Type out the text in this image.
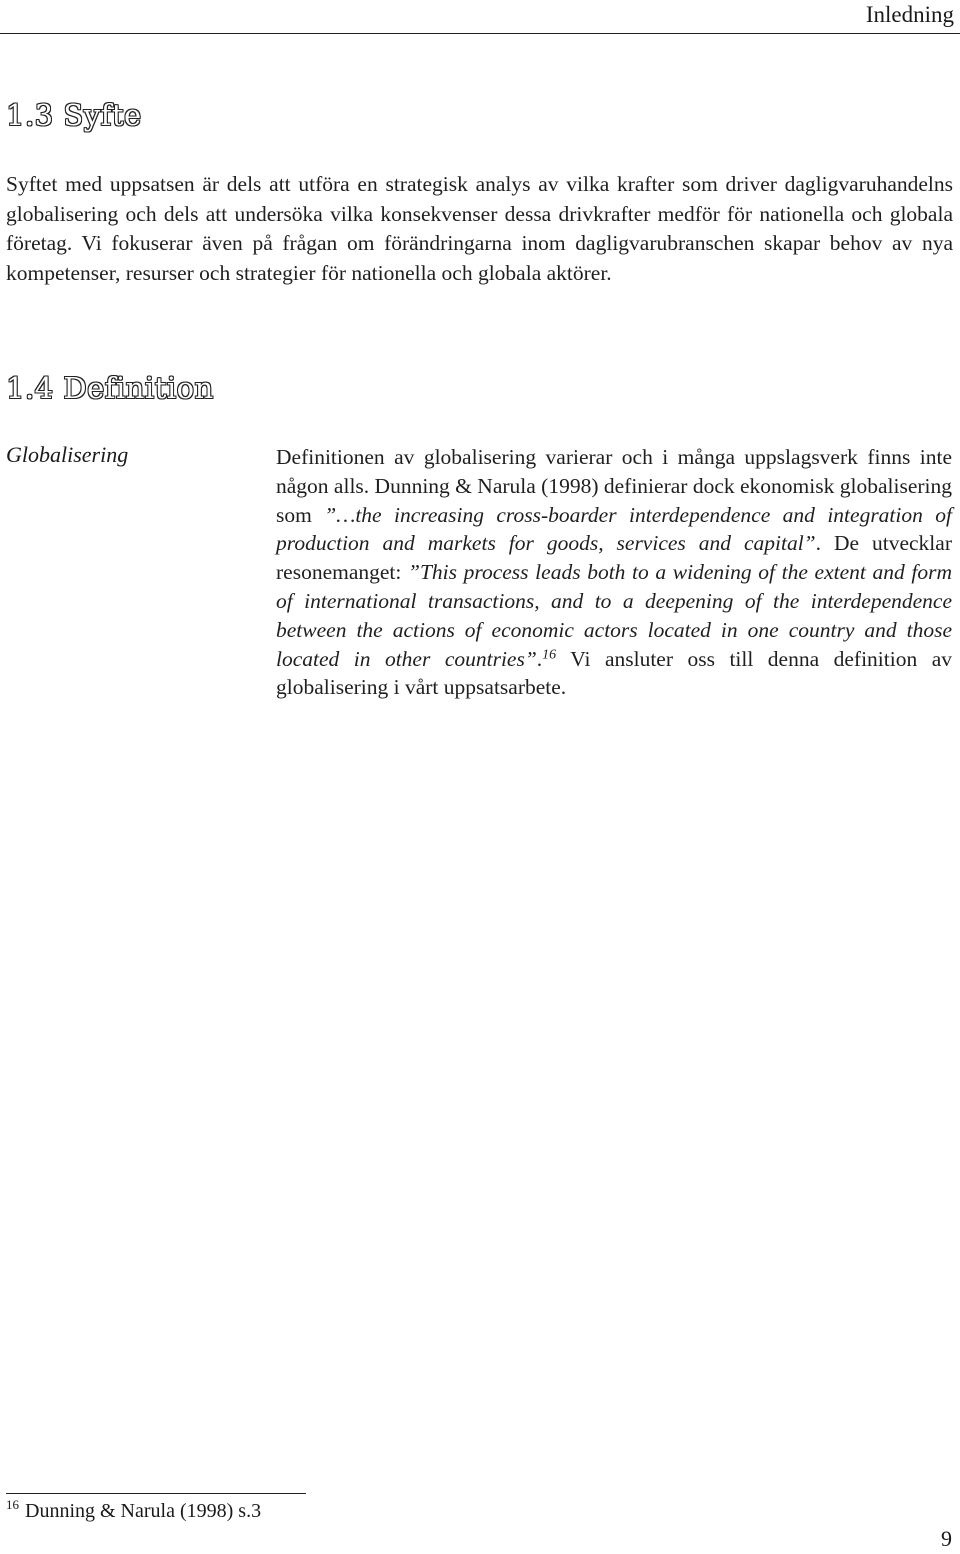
Inledning
1.3 Syfte

Syftet med uppsatsen är dels att utföra en strategisk analys av vilka krafter som driver dagligvaruhandelns globalisering och dels att undersöka vilka konsekvenser dessa drivkrafter medför för nationella och globala företag. Vi fokuserar även på frågan om förändringarna inom dagligvarubranschen skapar behov av nya kompetenser, resurser och strategier för nationella och globala aktörer.

1.4 Definition
Globalisering	Definitionen av globalisering varierar och i många uppslagsverk finns inte någon alls. Dunning & Narula (1998) definierar dock ekonomisk globalisering som ”…the increasing cross-boarder interdependence and integration of production and markets for goods, services and capital”. De utvecklar resonemanget: ”This process leads both to a widening of the extent and form of international transactions, and to a deepening of the interdependence between the actions of economic actors located in one country and those located in other countries”.$^{16}$ Vi ansluter oss till denna definition av globalisering i vårt uppsatsarbete.

$^{16}$ Dunning & Narula (1998) s.3
9
